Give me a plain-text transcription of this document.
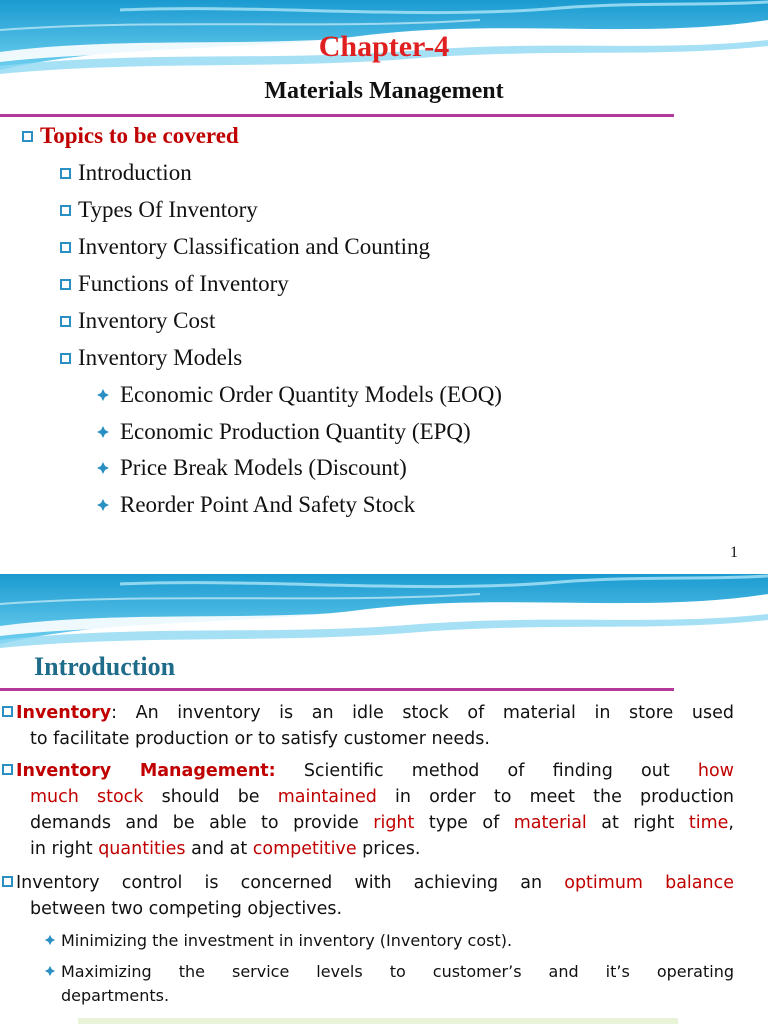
Chapter-4
Materials Management
Topics to be covered
Introduction
Types Of Inventory
Inventory Classification and Counting
Functions of Inventory
Inventory Cost
Inventory Models
Economic Order Quantity Models (EOQ)
Economic Production Quantity (EPQ)
Price Break Models (Discount)
Reorder Point And Safety Stock
1
Introduction
Inventory: An inventory is an idle stock of material in store used
to facilitate production or to satisfy customer needs.
Inventory Management: Scientific method of finding out how
much stock should be maintained in order to meet the production
demands and be able to provide right type of material at right time,
in right quantities and at competitive prices.
Inventory control is concerned with achieving an optimum balance
between two competing objectives.
Minimizing the investment in inventory (Inventory cost).
Maximizing the service levels to customer’s and it’s operating
departments.
